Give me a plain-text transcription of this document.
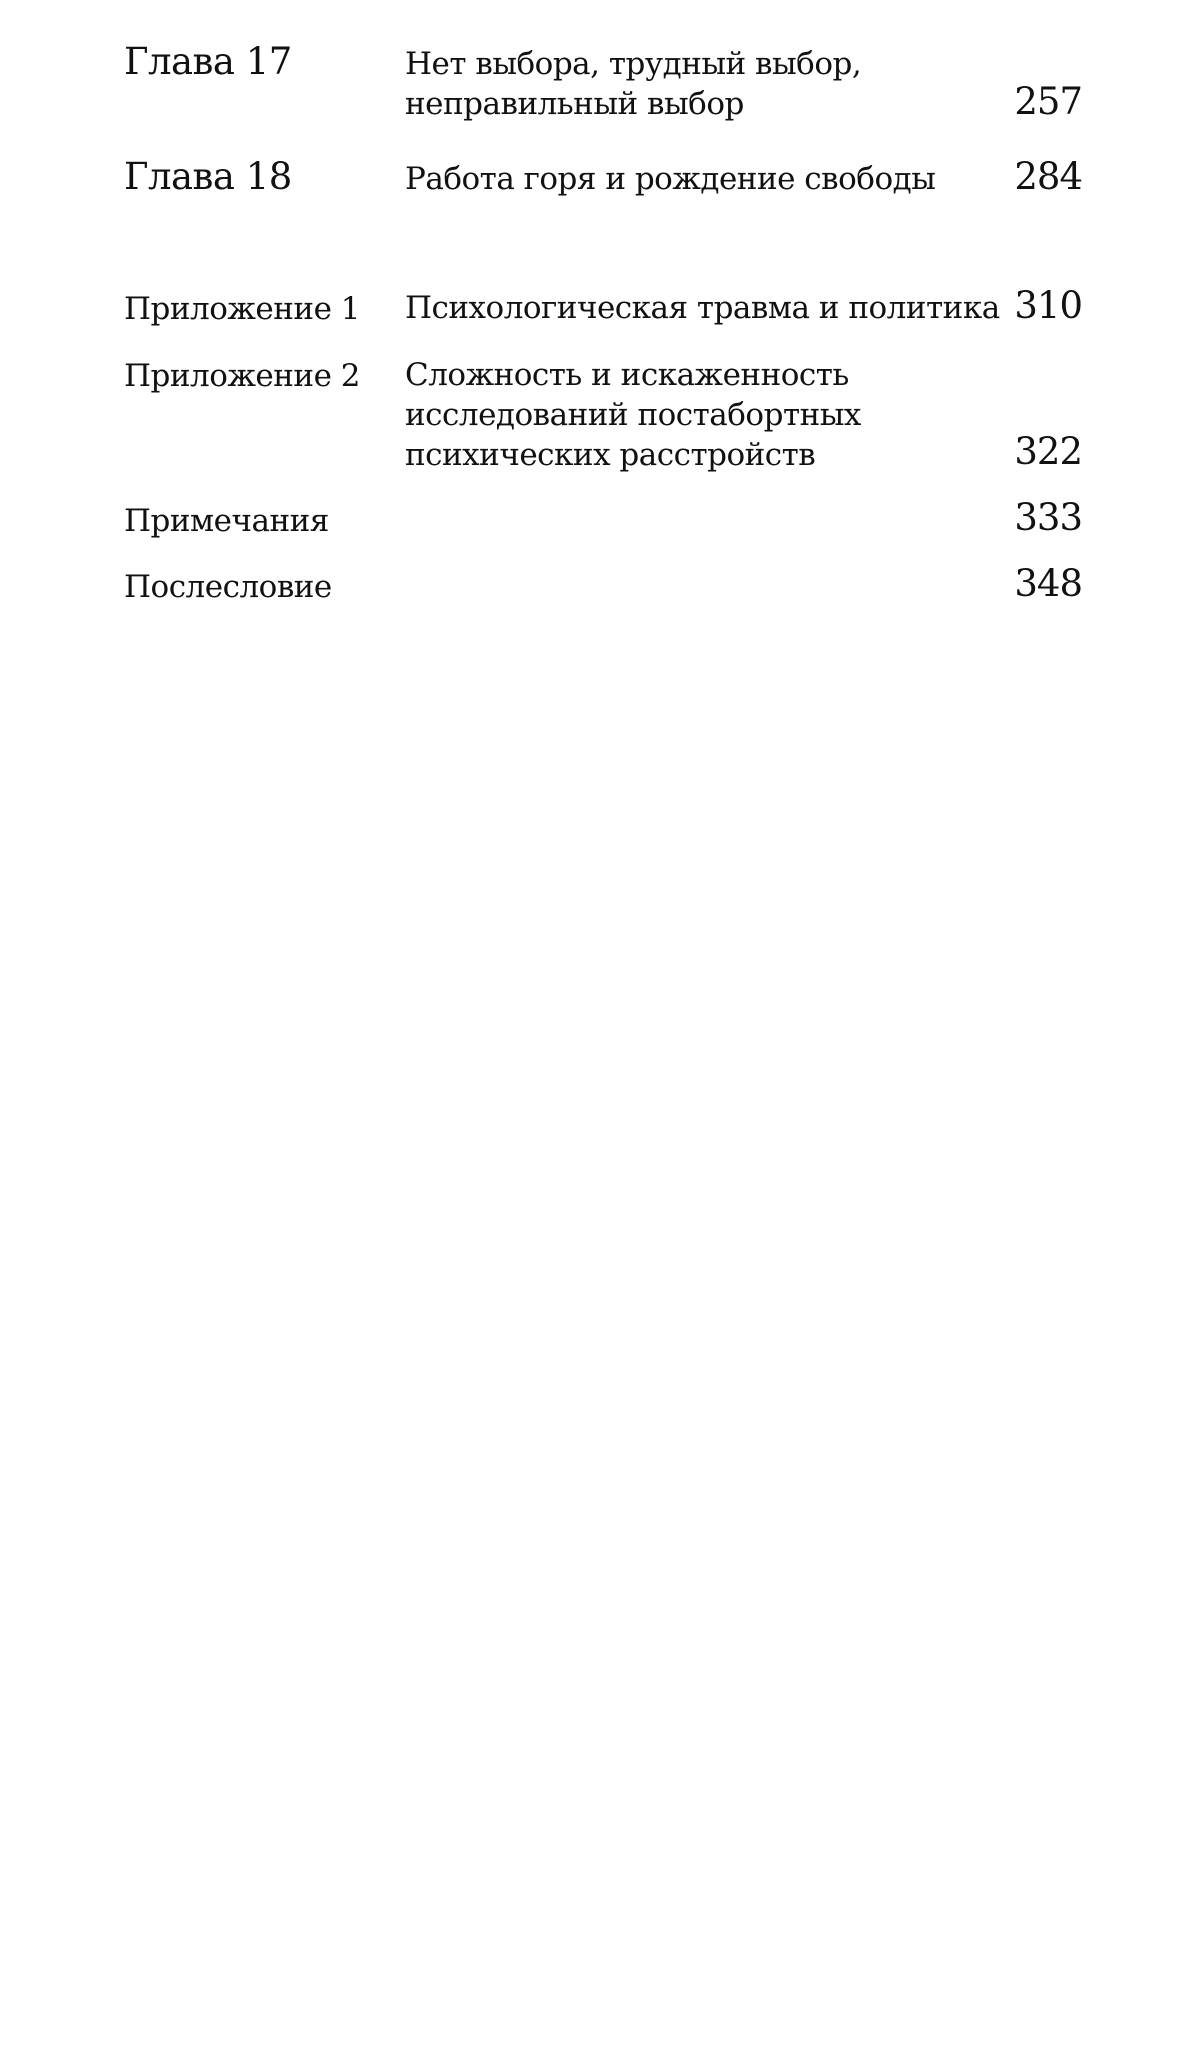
Глава 17	Нет выбора, трудный выбор,
неправильный выбор	257
Глава 18	Работа горя и рождение свободы	284
Приложение 1 Психологическая травма и политика 310
Приложение 2 Сложность и искаженность
исследований постабортных
психических расстройств	322
Примечания	333
Послесловие	348
